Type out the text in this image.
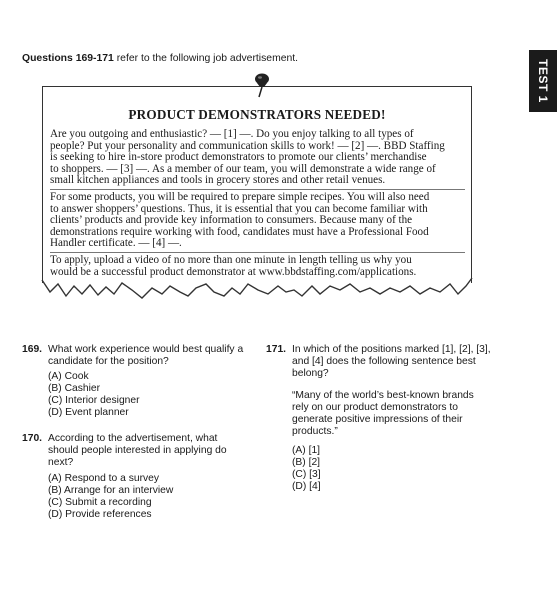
Questions 169-171 refer to the following job advertisement.
TEST 1
PRODUCT DEMONSTRATORS NEEDED!

Are you outgoing and enthusiastic? — [1] —. Do you enjoy talking to all types of
people? Put your personality and communication skills to work! — [2] —. BBD Staffing
is seeking to hire in-store product demonstrators to promote our clients’ merchandise
to shoppers. — [3] —. As a member of our team, you will demonstrate a wide range of
small kitchen appliances and tools in grocery stores and other retail venues.

For some products, you will be required to prepare simple recipes. You will also need
to answer shoppers’ questions. Thus, it is essential that you can become familiar with
clients’ products and provide key information to consumers. Because many of the
demonstrations require working with food, candidates must have a Professional Food
Handler certificate. — [4] —.

To apply, upload a video of no more than one minute in length telling us why you
would be a successful product demonstrator at www.bbdstaffing.com/applications.

169. What work experience would best qualify a
candidate for the position?
(A) Cook
(B) Cashier
(C) Interior designer
(D) Event planner
170. According to the advertisement, what
should people interested in applying do
next?
(A) Respond to a survey
(B) Arrange for an interview
(C) Submit a recording
(D) Provide references
171. In which of the positions marked [1], [2], [3],
and [4] does the following sentence best
belong?
“Many of the world’s best-known brands
rely on our product demonstrators to
generate positive impressions of their
products.”
(A) [1]
(B) [2]
(C) [3]
(D) [4]
